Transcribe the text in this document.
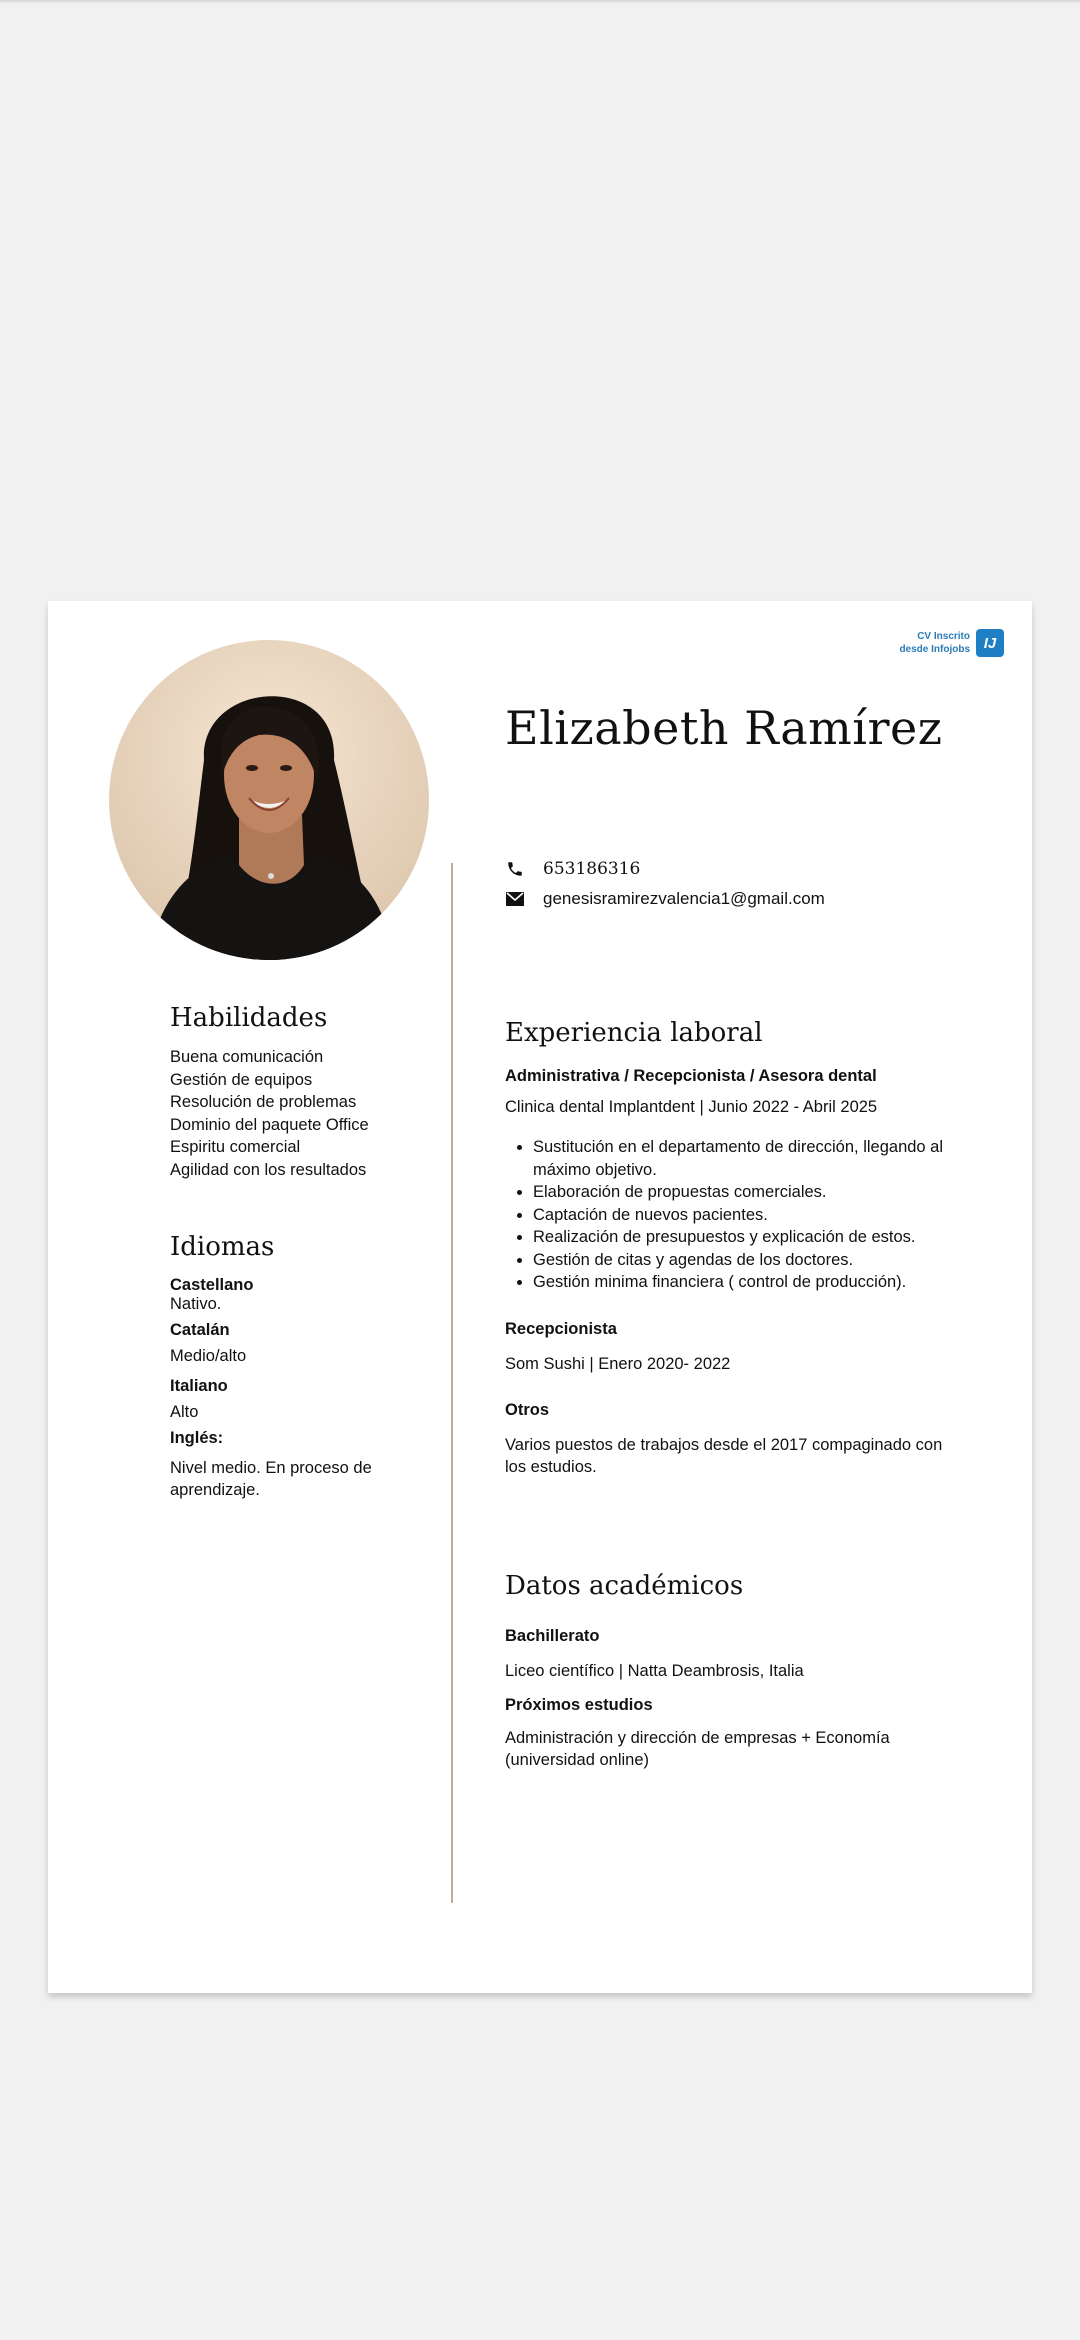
CV Inscrito
desde Infojobs IJ
Elizabeth Ramírez
653186316
genesisramirezvalencia1@gmail.com
Habilidades
Buena comunicación
Gestión de equipos
Resolución de problemas
Dominio del paquete Office
Espiritu comercial
Agilidad con los resultados
Idiomas
Castellano
Nativo.
Catalán
Medio/alto
Italiano
Alto
Inglés:
Nivel medio. En proceso de aprendizaje.
Experiencia laboral
Administrativa / Recepcionista / Asesora dental
Clinica dental Implantdent | Junio 2022 - Abril 2025
• Sustitución en el departamento de dirección, llegando al máximo objetivo.
• Elaboración de propuestas comerciales.
• Captación de nuevos pacientes.
• Realización de presupuestos y explicación de estos.
• Gestión de citas y agendas de los doctores.
• Gestión minima financiera ( control de producción).
Recepcionista
Som Sushi | Enero 2020- 2022
Otros
Varios puestos de trabajos desde el 2017 compaginado con los estudios.
Datos académicos
Bachillerato
Liceo científico | Natta Deambrosis, Italia
Próximos estudios
Administración y dirección de empresas + Economía (universidad online)
